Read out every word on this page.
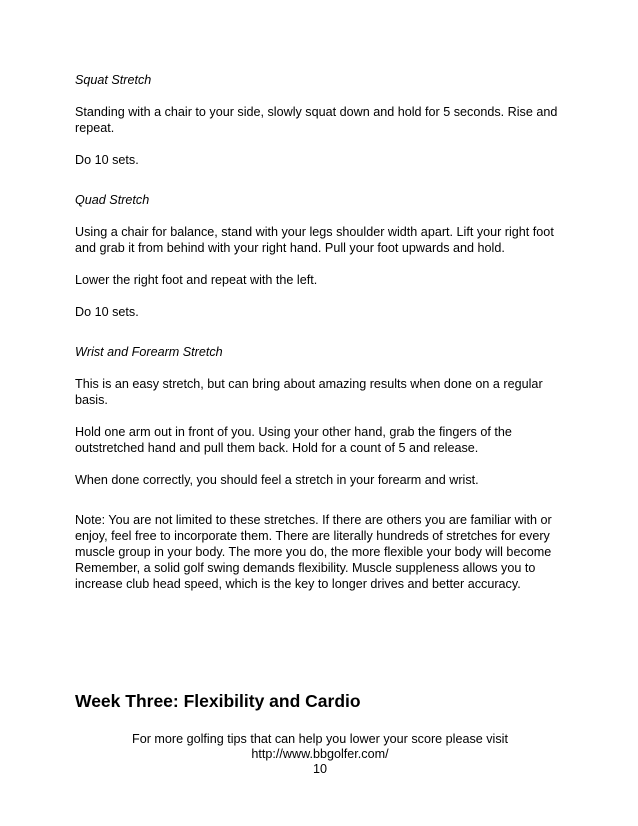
Squat Stretch

Standing with a chair to your side, slowly squat down and hold for 5 seconds. Rise and repeat.

Do 10 sets.

Quad Stretch

Using a chair for balance, stand with your legs shoulder width apart. Lift your right foot and grab it from behind with your right hand. Pull your foot upwards and hold.

Lower the right foot and repeat with the left.

Do 10 sets.

Wrist and Forearm Stretch

This is an easy stretch, but can bring about amazing results when done on a regular basis.

Hold one arm out in front of you. Using your other hand, grab the fingers of the outstretched hand and pull them back. Hold for a count of 5 and release.

When done correctly, you should feel a stretch in your forearm and wrist.

Note: You are not limited to these stretches. If there are others you are familiar with or enjoy, feel free to incorporate them. There are literally hundreds of stretches for every muscle group in your body. The more you do, the more flexible your body will become Remember, a solid golf swing demands flexibility. Muscle suppleness allows you to increase club head speed, which is the key to longer drives and better accuracy.

Week Three: Flexibility and Cardio
For more golfing tips that can help you lower your score please visit
http://www.bbgolfer.com/
10
